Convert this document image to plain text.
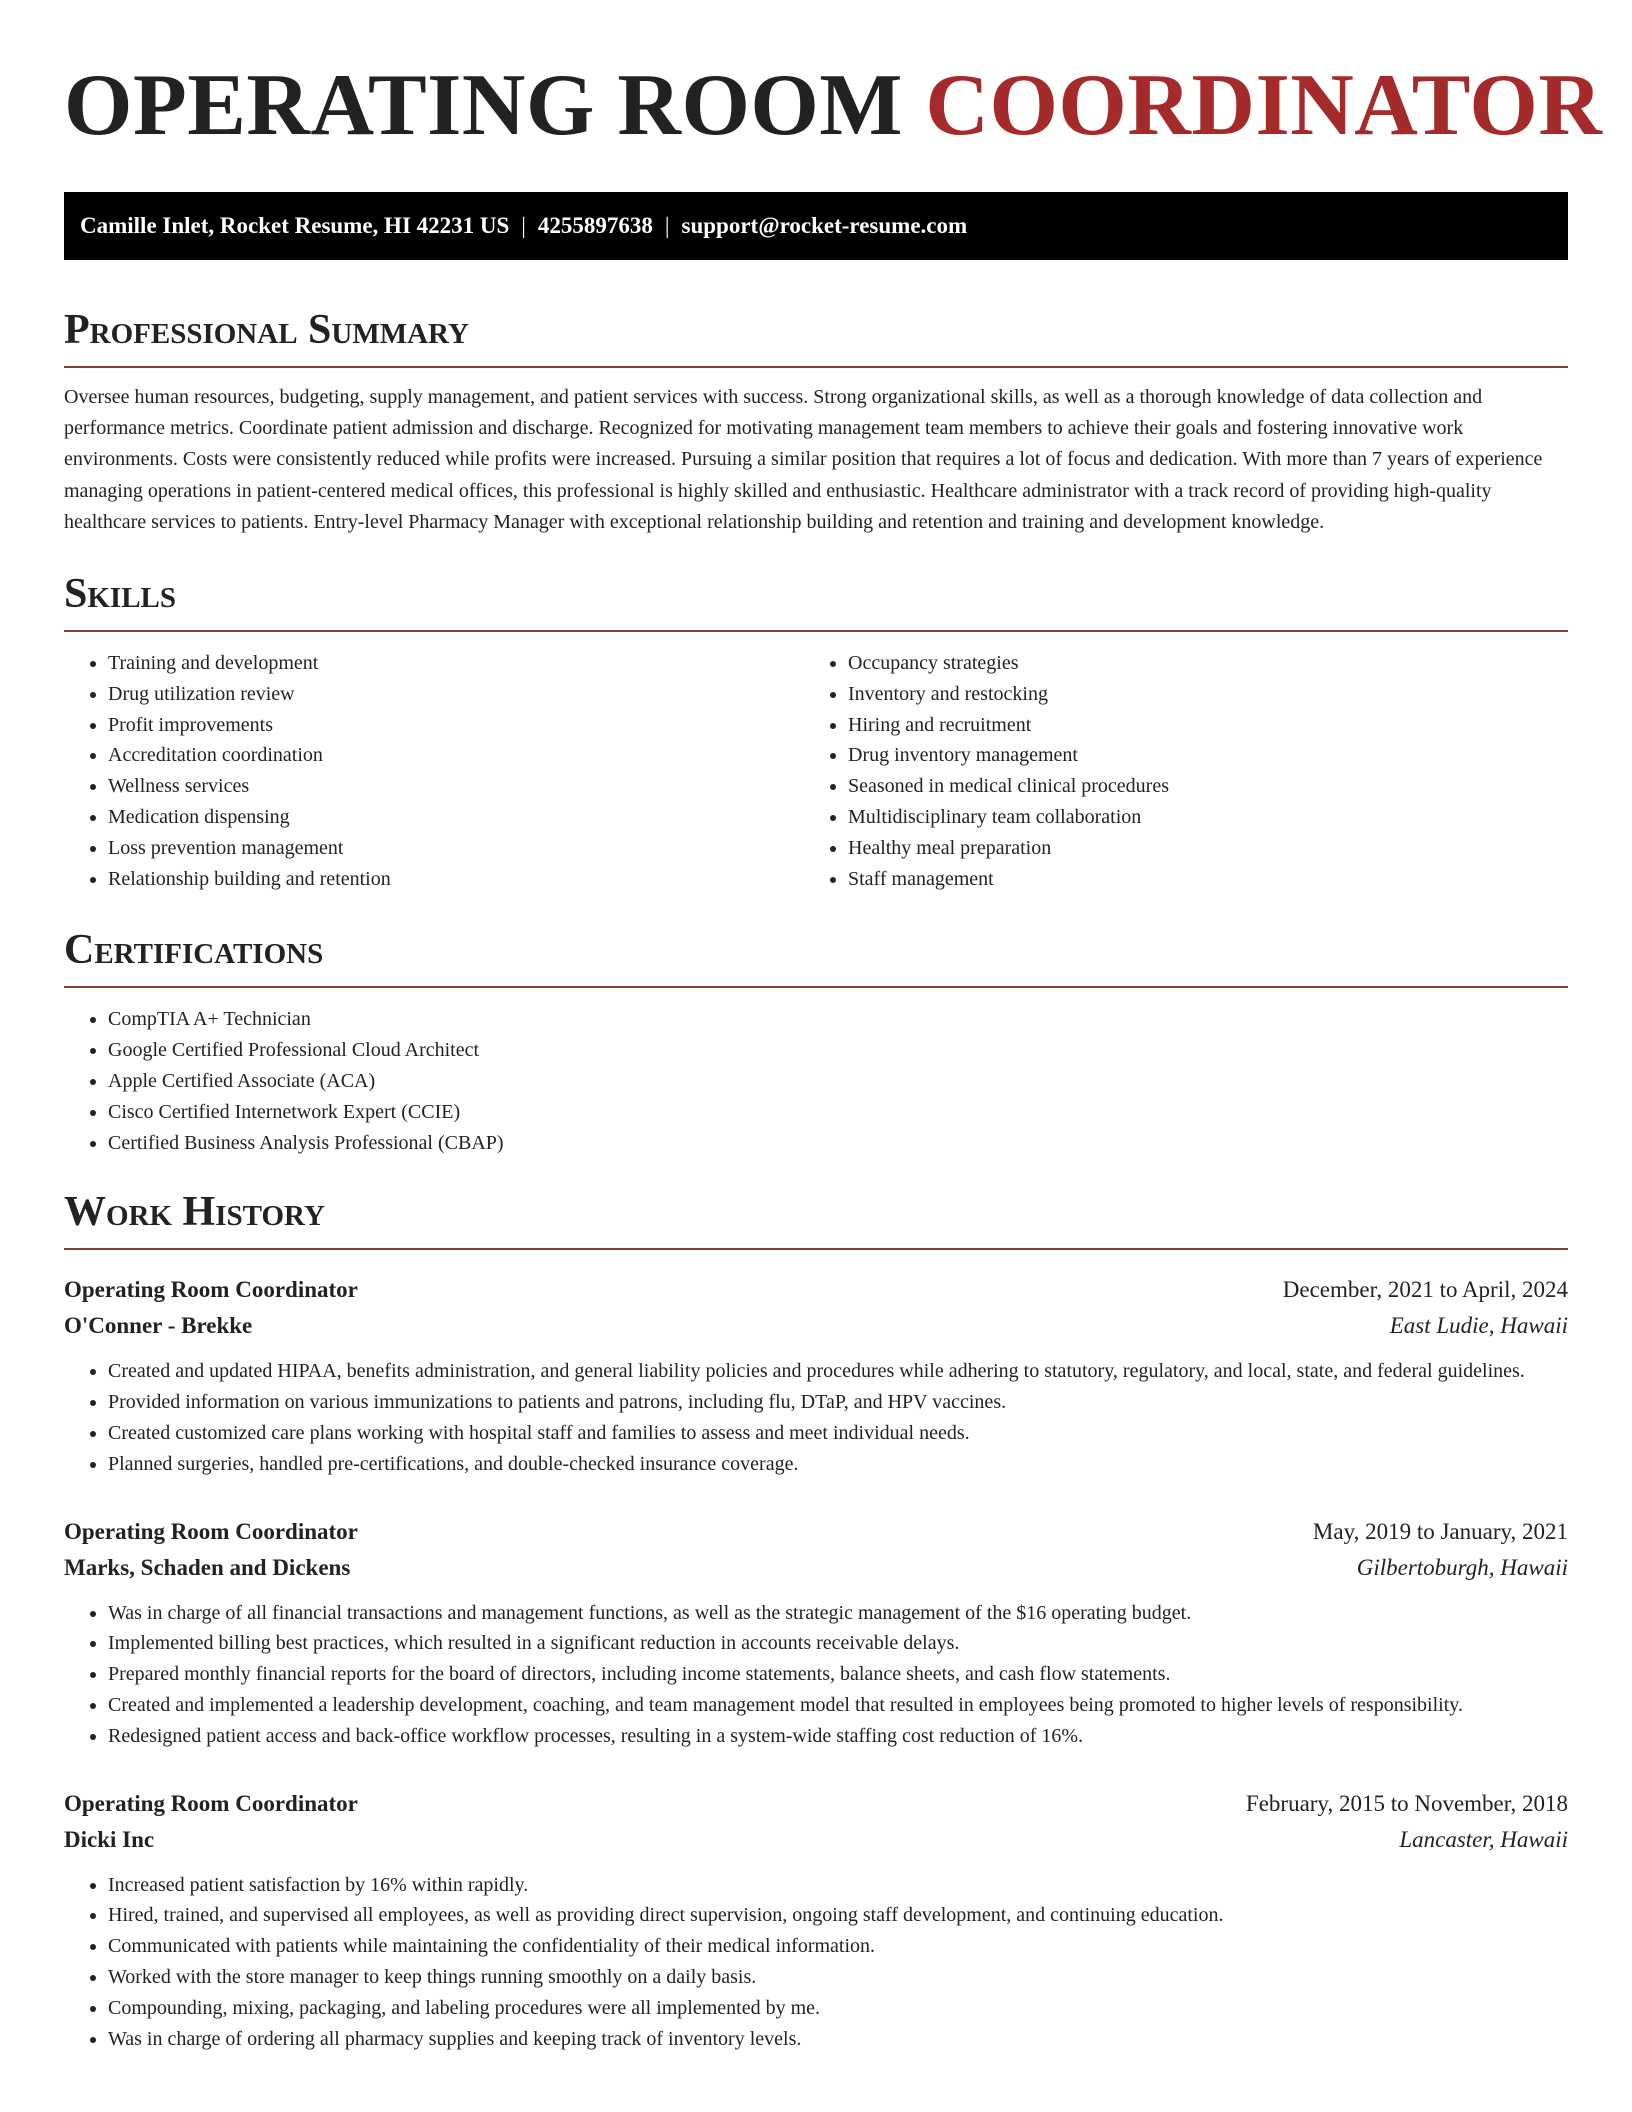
OPERATING ROOM COORDINATOR
Camille Inlet, Rocket Resume, HI 42231 US | 4255897638 | support@rocket-resume.com
Professional Summary

Oversee human resources, budgeting, supply management, and patient services with success. Strong organizational skills, as well as a thorough knowledge of data collection and performance metrics. Coordinate patient admission and discharge. Recognized for motivating management team members to achieve their goals and fostering innovative work environments. Costs were consistently reduced while profits were increased. Pursuing a similar position that requires a lot of focus and dedication. With more than 7 years of experience managing operations in patient-centered medical offices, this professional is highly skilled and enthusiastic. Healthcare administrator with a track record of providing high-quality healthcare services to patients. Entry-level Pharmacy Manager with exceptional relationship building and retention and training and development knowledge.

Skills
• Training and development
• Drug utilization review
• Profit improvements
• Accreditation coordination
• Wellness services
• Medication dispensing
• Loss prevention management
• Relationship building and retention
• Occupancy strategies
• Inventory and restocking
• Hiring and recruitment
• Drug inventory management
• Seasoned in medical clinical procedures
• Multidisciplinary team collaboration
• Healthy meal preparation
• Staff management
Certifications
• CompTIA A+ Technician
• Google Certified Professional Cloud Architect
• Apple Certified Associate (ACA)
• Cisco Certified Internetwork Expert (CCIE)
• Certified Business Analysis Professional (CBAP)
Work History
Operating Room Coordinator	December, 2021 to April, 2024
O'Conner - Brekke	East Ludie, Hawaii
• Created and updated HIPAA, benefits administration, and general liability policies and procedures while adhering to statutory, regulatory, and local, state, and federal guidelines.
• Provided information on various immunizations to patients and patrons, including flu, DTaP, and HPV vaccines.
• Created customized care plans working with hospital staff and families to assess and meet individual needs.
• Planned surgeries, handled pre-certifications, and double-checked insurance coverage.
Operating Room Coordinator	May, 2019 to January, 2021
Marks, Schaden and Dickens	Gilbertoburgh, Hawaii
• Was in charge of all financial transactions and management functions, as well as the strategic management of the $16 operating budget.
• Implemented billing best practices, which resulted in a significant reduction in accounts receivable delays.
• Prepared monthly financial reports for the board of directors, including income statements, balance sheets, and cash flow statements.
• Created and implemented a leadership development, coaching, and team management model that resulted in employees being promoted to higher levels of responsibility.
• Redesigned patient access and back-office workflow processes, resulting in a system-wide staffing cost reduction of 16%.
Operating Room Coordinator	February, 2015 to November, 2018
Dicki Inc	Lancaster, Hawaii
• Increased patient satisfaction by 16% within rapidly.
• Hired, trained, and supervised all employees, as well as providing direct supervision, ongoing staff development, and continuing education.
• Communicated with patients while maintaining the confidentiality of their medical information.
• Worked with the store manager to keep things running smoothly on a daily basis.
• Compounding, mixing, packaging, and labeling procedures were all implemented by me.
• Was in charge of ordering all pharmacy supplies and keeping track of inventory levels.
